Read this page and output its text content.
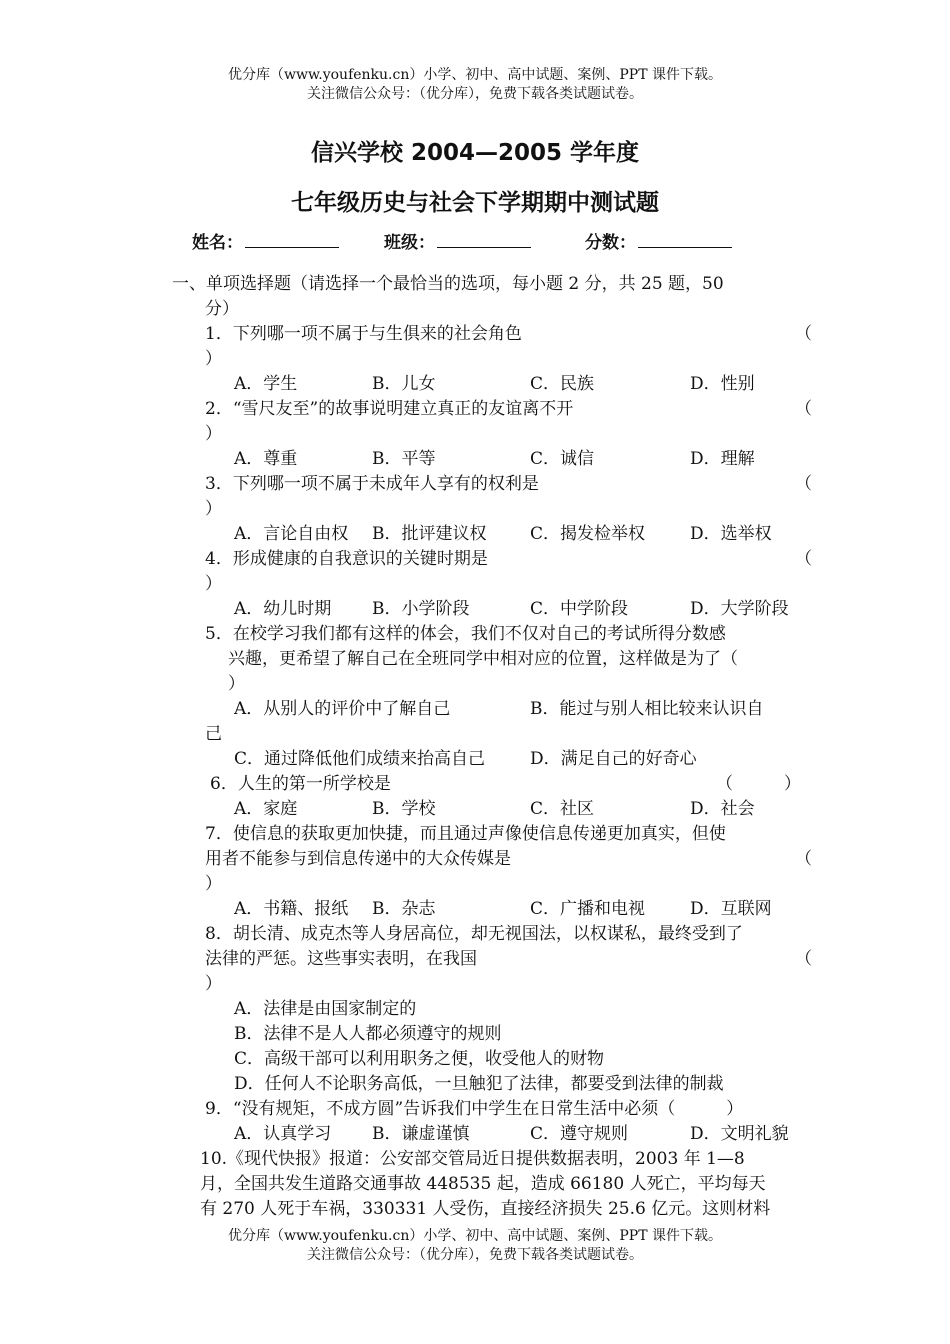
优分库（www.youfenku.cn）小学、初中、高中试题、案例、PPT 课件下载。
关注微信公众号：（优分库），免费下载各类试题试卷。
信兴学校 2004—2005 学年度
七年级历史与社会下学期期中测试题
姓名：	班级：	分数：
一、单项选择题（请选择一个最恰当的选项，每小题 2 分，共 25 题，50
分）
1．下列哪一项不属于与生俱来的社会角色	（
）
A．学生	B．儿女	C．民族	D．性别
2．“雪尺友至”的故事说明建立真正的友谊离不开	（
）
A．尊重	B．平等	C．诚信	D．理解
3．下列哪一项不属于未成年人享有的权利是	（
）
A．言论自由权 B．批评建议权	C．揭发检举权	D．选举权
4．形成健康的自我意识的关键时期是	（
）
A．幼儿时期 B．小学阶段	C．中学阶段	D．大学阶段
5．在校学习我们都有这样的体会，我们不仅对自己的考试所得分数感
兴趣，更希望了解自己在全班同学中相对应的位置，这样做是为了（
）
A．从别人的评价中了解自己	B．能过与别人相比较来认识自
己
C．通过降低他们成绩来抬高自己	D．满足自己的好奇心
6．人生的第一所学校是	（　　　）
A．家庭	B．学校	C．社区	D．社会
7．使信息的获取更加快捷，而且通过声像使信息传递更加真实，但使
用者不能参与到信息传递中的大众传媒是	（
）
A．书籍、报纸 B．杂志	C．广播和电视	D．互联网
8．胡长清、成克杰等人身居高位，却无视国法，以权谋私，最终受到了
法律的严惩。这些事实表明，在我国	（
）
A．法律是由国家制定的
B．法律不是人人都必须遵守的规则
C．高级干部可以利用职务之便，收受他人的财物
D．任何人不论职务高低，一旦触犯了法律，都要受到法律的制裁
9．“没有规矩，不成方圆”告诉我们中学生在日常生活中必须（　　　）
A．认真学习 B．谦虚谨慎	C．遵守规则	D．文明礼貌
10.《现代快报》报道：公安部交管局近日提供数据表明，2003 年 1—8
月，全国共发生道路交通事故 448535 起，造成 66180 人死亡，平均每天
有 270 人死于车祸，330331 人受伤，直接经济损失 25.6 亿元。这则材料
优分库（www.youfenku.cn）小学、初中、高中试题、案例、PPT 课件下载。
关注微信公众号：（优分库），免费下载各类试题试卷。
